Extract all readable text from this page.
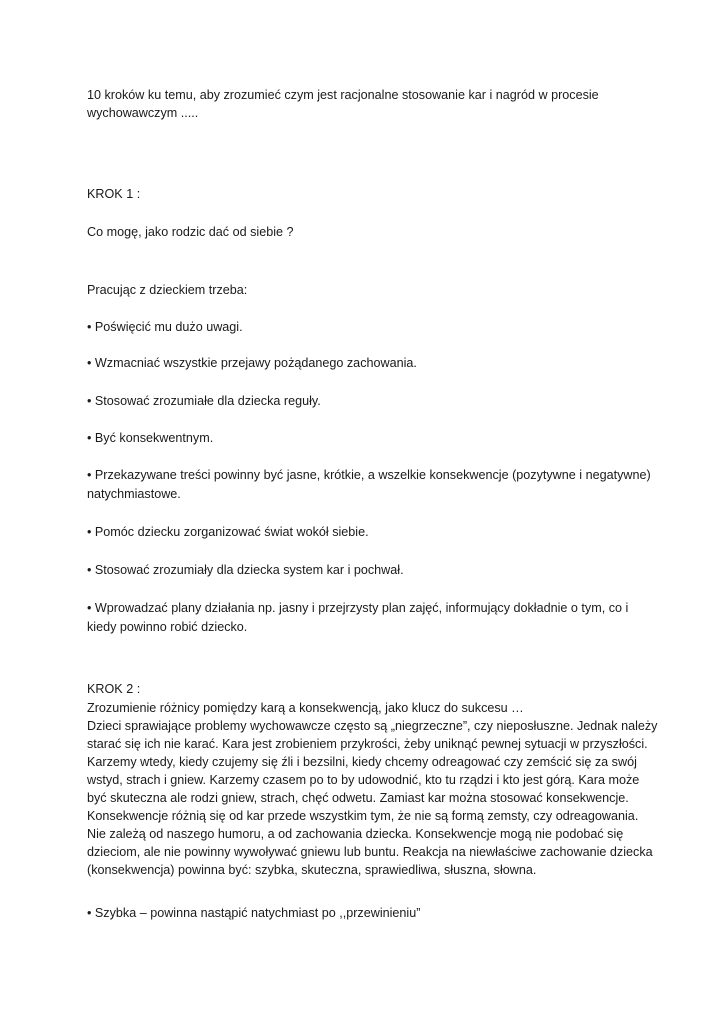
10 kroków ku temu, aby zrozumieć czym jest racjonalne stosowanie kar i nagród w procesie
wychowawczym .....
KROK 1 :
Co mogę, jako rodzic dać od siebie ?
Pracując z dzieckiem trzeba:
• Poświęcić mu dużo uwagi.
• Wzmacniać wszystkie przejawy pożądanego zachowania.
• Stosować zrozumiałe dla dziecka reguły.
• Być konsekwentnym.
• Przekazywane treści powinny być jasne, krótkie, a wszelkie konsekwencje (pozytywne i negatywne)
natychmiastowe.
• Pomóc dziecku zorganizować świat wokół siebie.
• Stosować zrozumiały dla dziecka system kar i pochwał.
• Wprowadzać plany działania np. jasny i przejrzysty plan zajęć, informujący dokładnie o tym, co i
kiedy powinno robić dziecko.
KROK 2 :
Zrozumienie różnicy pomiędzy karą a konsekwencją, jako klucz do sukcesu …
Dzieci sprawiające problemy wychowawcze często są „niegrzeczne”, czy nieposłuszne. Jednak należy
starać się ich nie karać. Kara jest zrobieniem przykrości, żeby uniknąć pewnej sytuacji w przyszłości.
Karzemy wtedy, kiedy czujemy się źli i bezsilni, kiedy chcemy odreagować czy zemścić się za swój
wstyd, strach i gniew. Karzemy czasem po to by udowodnić, kto tu rządzi i kto jest górą. Kara może
być skuteczna ale rodzi gniew, strach, chęć odwetu. Zamiast kar można stosować konsekwencje.
Konsekwencje różnią się od kar przede wszystkim tym, że nie są formą zemsty, czy odreagowania.
Nie zależą od naszego humoru, a od zachowania dziecka. Konsekwencje mogą nie podobać się
dzieciom, ale nie powinny wywoływać gniewu lub buntu. Reakcja na niewłaściwe zachowanie dziecka
(konsekwencja) powinna być: szybka, skuteczna, sprawiedliwa, słuszna, słowna.
• Szybka – powinna nastąpić natychmiast po ,,przewinieniu”
